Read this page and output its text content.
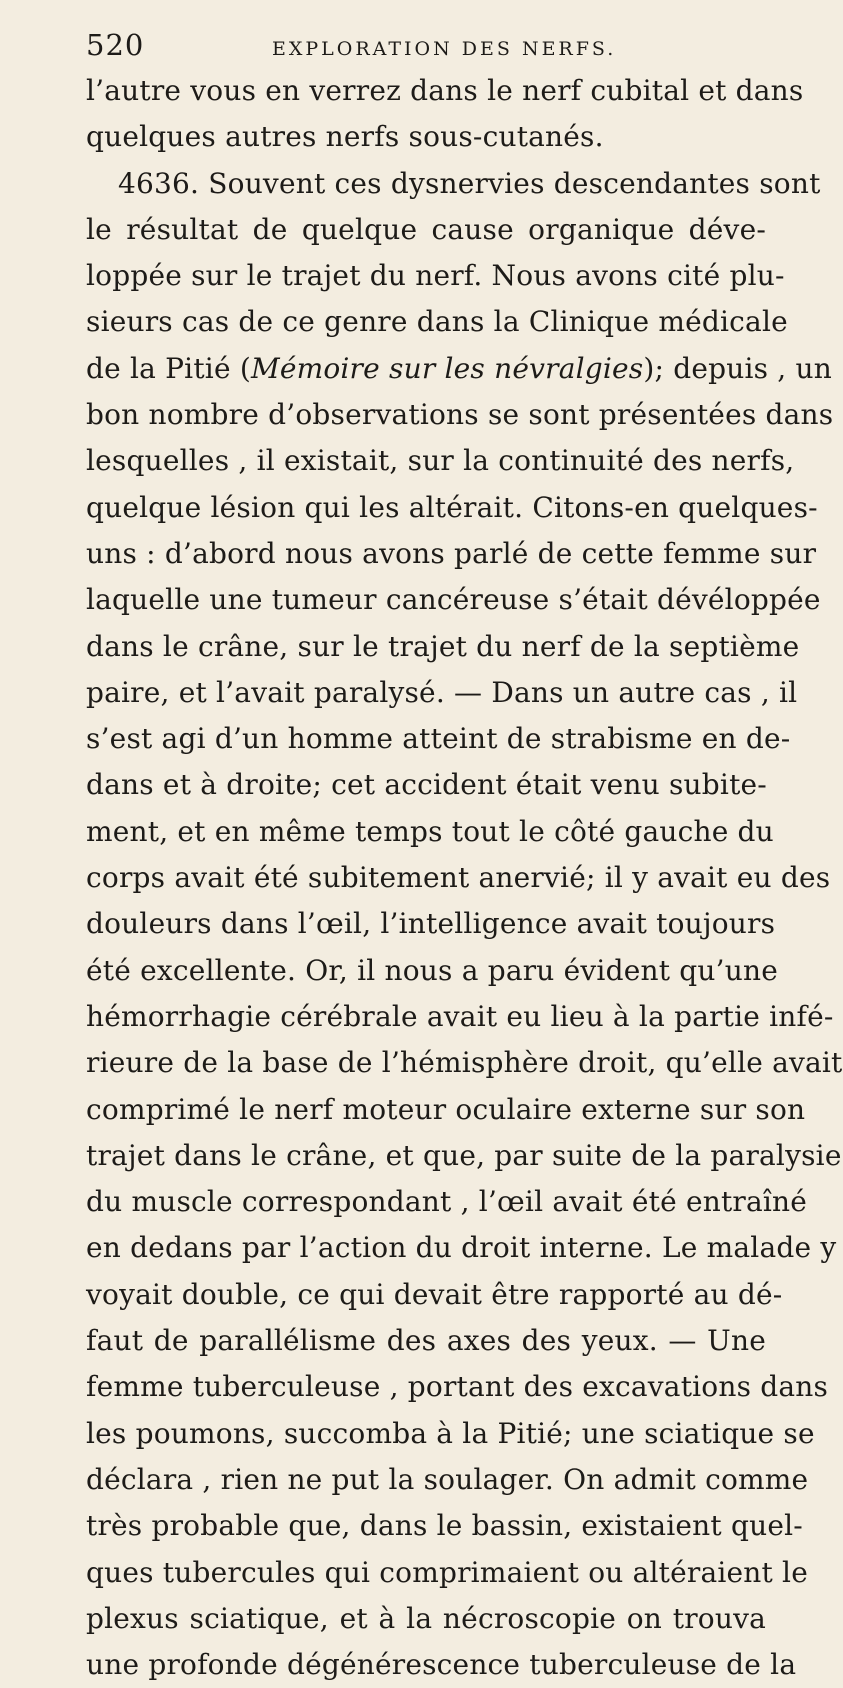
520	EXPLORATION DES NERFS.
l’autre vous en verrez dans le nerf cubital et dans
quelques autres nerfs sous-cutanés.
4636. Souvent ces dysnervies descendantes sont
le résultat de quelque cause organique déve-
loppée sur le trajet du nerf. Nous avons cité plu-
sieurs cas de ce genre dans la Clinique médicale
de la Pitié (Mémoire sur les névralgies); depuis , un
bon nombre d’observations se sont présentées dans
lesquelles , il existait, sur la continuité des nerfs,
quelque lésion qui les altérait. Citons-en quelques-
uns : d’abord nous avons parlé de cette femme sur
laquelle une tumeur cancéreuse s’était dévéloppée
dans le crâne, sur le trajet du nerf de la septième
paire, et l’avait paralysé. — Dans un autre cas , il
s’est agi d’un homme atteint de strabisme en de-
dans et à droite; cet accident était venu subite-
ment, et en même temps tout le côté gauche du
corps avait été subitement anervié; il y avait eu des
douleurs dans l’œil, l’intelligence avait toujours
été excellente. Or, il nous a paru évident qu’une
hémorrhagie cérébrale avait eu lieu à la partie infé-
rieure de la base de l’hémisphère droit, qu’elle avait
comprimé le nerf moteur oculaire externe sur son
trajet dans le crâne, et que, par suite de la paralysie
du muscle correspondant , l’œil avait été entraîné
en dedans par l’action du droit interne. Le malade y
voyait double, ce qui devait être rapporté au dé-
faut de parallélisme des axes des yeux. — Une
femme tuberculeuse , portant des excavations dans
les poumons, succomba à la Pitié; une sciatique se
déclara , rien ne put la soulager. On admit comme
très probable que, dans le bassin, existaient quel-
ques tubercules qui comprimaient ou altéraient le
plexus sciatique, et à la nécroscopie on trouva
une profonde dégénérescence tuberculeuse de la
